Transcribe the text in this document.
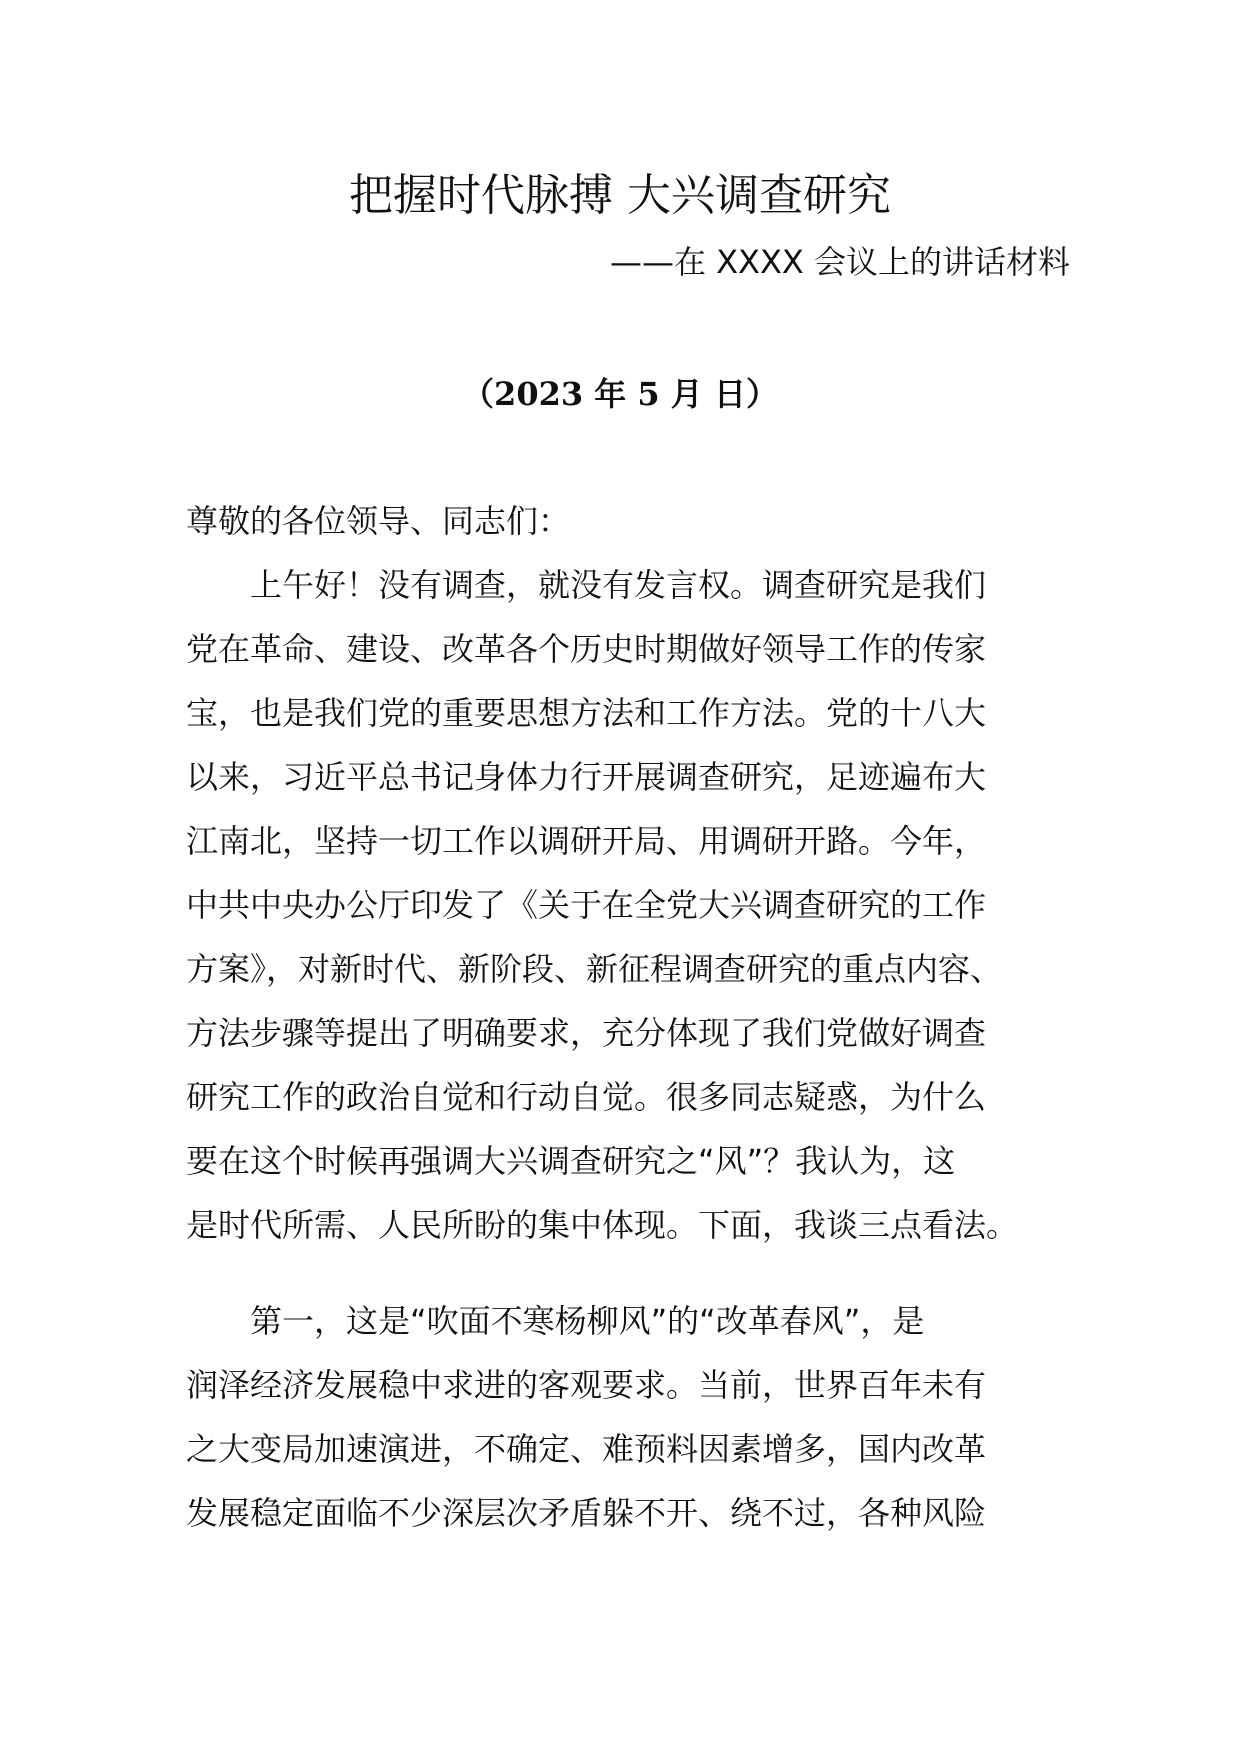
把握时代脉搏 大兴调查研究
——在 XXXX 会议上的讲话材料
（2023 年 5 月 日）
尊敬的各位领导、同志们：
　　上午好！没有调查，就没有发言权。调查研究是我们
党在革命、建设、改革各个历史时期做好领导工作的传家
宝，也是我们党的重要思想方法和工作方法。党的十八大
以来，习近平总书记身体力行开展调查研究，足迹遍布大
江南北，坚持一切工作以调研开局、用调研开路。今年，
中共中央办公厅印发了《关于在全党大兴调查研究的工作
方案》，对新时代、新阶段、新征程调查研究的重点内容、
方法步骤等提出了明确要求，充分体现了我们党做好调查
研究工作的政治自觉和行动自觉。很多同志疑惑，为什么
要在这个时候再强调大兴调查研究之“风”？我认为，这
是时代所需、人民所盼的集中体现。下面，我谈三点看法。
　　第一，这是“吹面不寒杨柳风”的“改革春风”，是
润泽经济发展稳中求进的客观要求。当前，世界百年未有
之大变局加速演进，不确定、难预料因素增多，国内改革
发展稳定面临不少深层次矛盾躲不开、绕不过，各种风险
